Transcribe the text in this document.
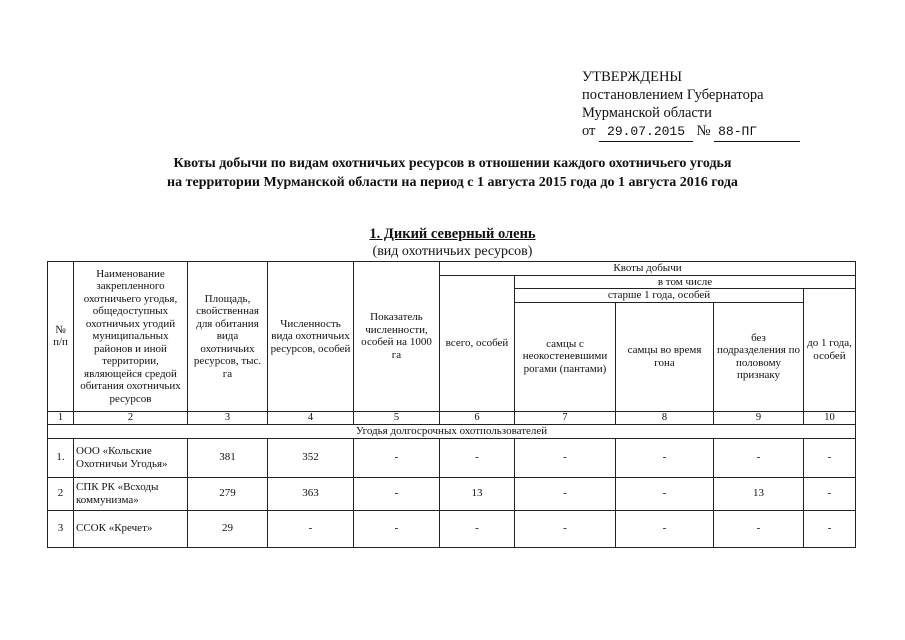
УТВЕРЖДЕНЫ
постановлением Губернатора
Мурманской области
от 29.07.2015 № 88-ПГ
Квоты добычи по видам охотничьих ресурсов в отношении каждого охотничьего угодья
на территории Мурманской области на период с 1 августа 2015 года до 1 августа 2016 года
1. Дикий северный олень
(вид охотничьих ресурсов)
№ п/п	Наименование закрепленного охотничьего угодья, общедоступных охотничьих угодий муниципальных районов и иной территории, являющейся средой обитания охотничьих ресурсов	Площадь, свойственная для обитания вида охотничьих ресурсов, тыс. га	Численность вида охотничьих ресурсов, особей	Показатель численности, особей на 1000 га	Квоты добычи				
					всего, особей	в том числе			
						старше 1 года, особей			до 1 года, особей
						самцы с неокостеневшими рогами (пантами)	самцы во время гона	без подразделения по половому признаку	
1	2	3	4	5	6	7	8	9	10
Угодья долгосрочных охотпользователей									
1.	ООО «Кольские Охотничьи Угодья»	381	352	-	-	-	-	-	-
2	СПК РК «Всходы коммунизма»	279	363	-	13	-	-	13	-
3	ССОК «Кречет»	29	-	-	-	-	-	-	-
